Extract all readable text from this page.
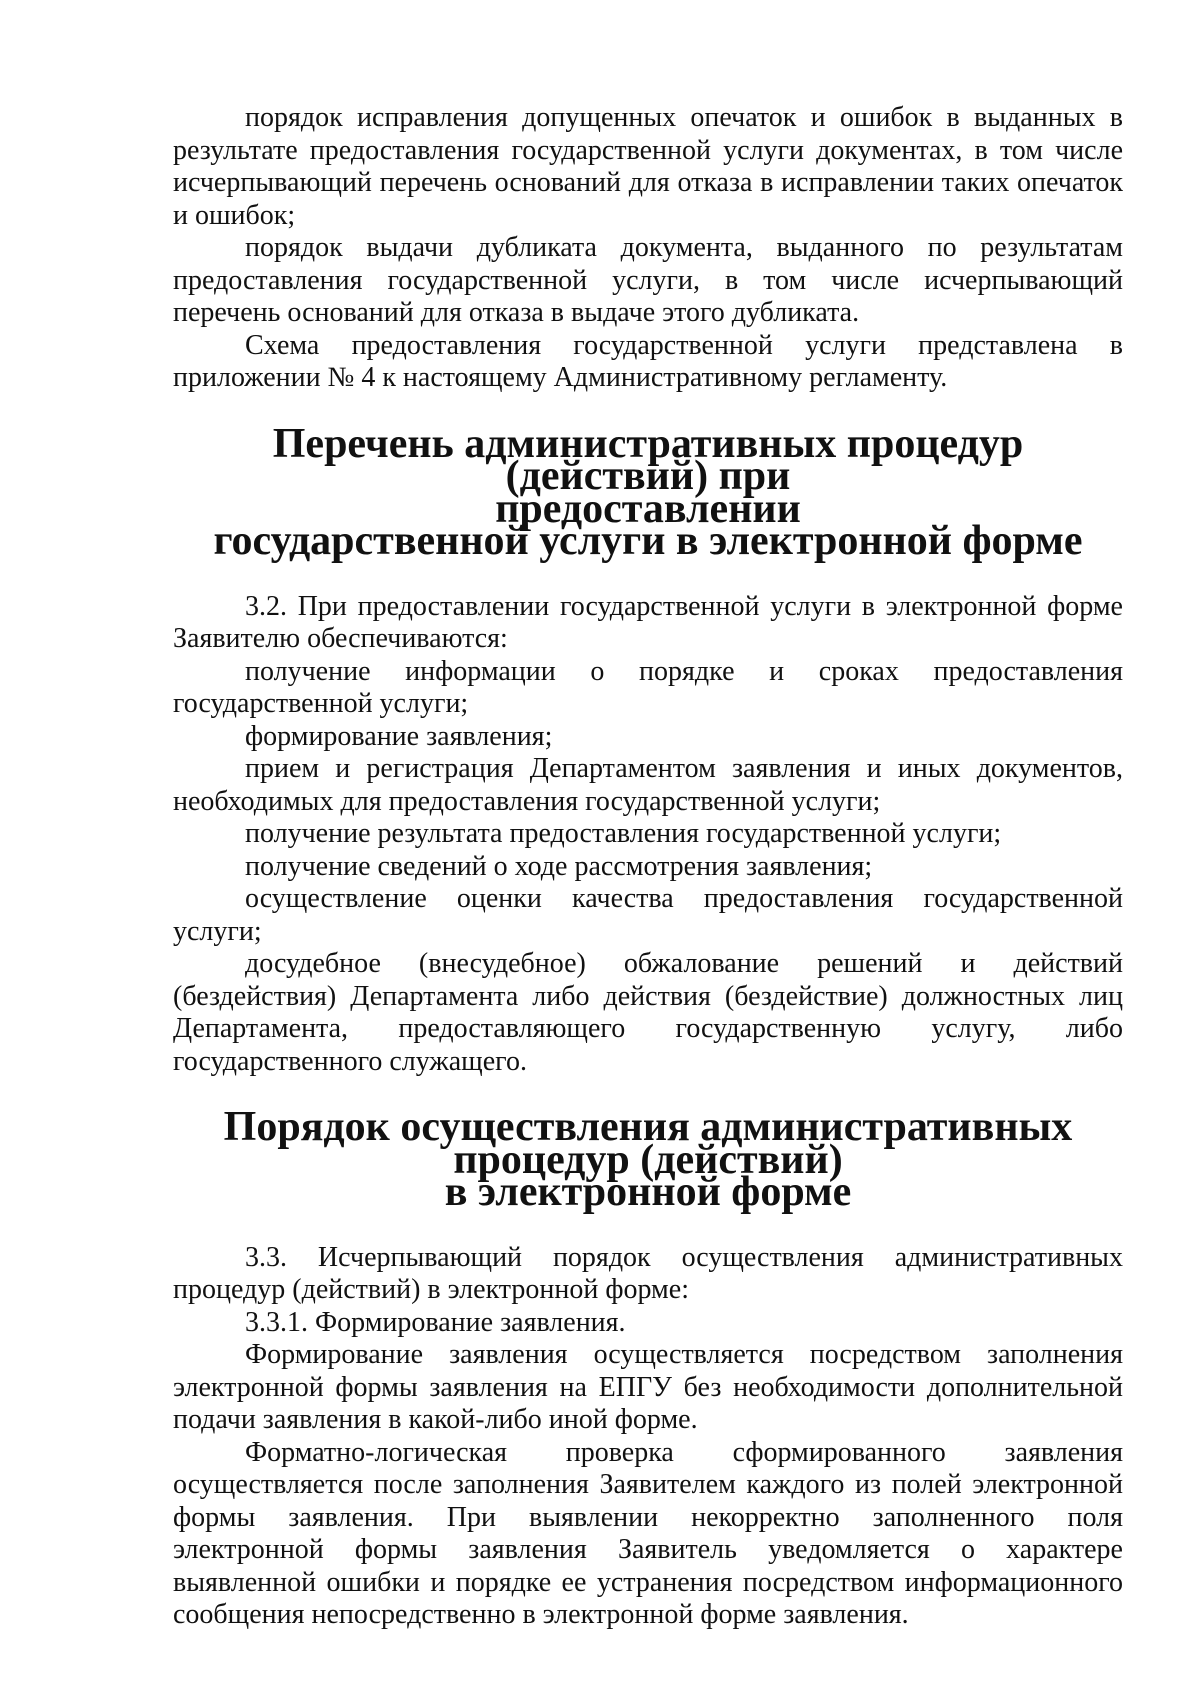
порядок исправления допущенных опечаток и ошибок в выданных в результате предоставления государственной услуги документах, в том числе исчерпывающий перечень оснований для отказа в исправлении таких опечаток и ошибок;

порядок выдачи дубликата документа, выданного по результатам предоставления государственной услуги, в том числе исчерпывающий перечень оснований для отказа в выдаче этого дубликата.

Схема предоставления государственной услуги представлена в приложении № 4 к настоящему Административному регламенту.

Перечень административных процедур (действий) при
предоставлении
государственной услуги в электронной форме

3.2. При предоставлении государственной услуги в электронной форме Заявителю обеспечиваются:

получение информации о порядке и сроках предоставления государственной услуги;

формирование заявления;

прием и регистрация Департаментом заявления и иных документов, необходимых для предоставления государственной услуги;

получение результата предоставления государственной услуги;

получение сведений о ходе рассмотрения заявления;

осуществление оценки качества предоставления государственной услуги;

досудебное (внесудебное) обжалование решений и действий (бездействия) Департамента либо действия (бездействие) должностных лиц Департамента, предоставляющего государственную услугу, либо государственного служащего.

Порядок осуществления административных процедур (действий)
в электронной форме

3.3. Исчерпывающий порядок осуществления административных процедур (действий) в электронной форме:

3.3.1. Формирование заявления.

Формирование заявления осуществляется посредством заполнения электронной формы заявления на ЕПГУ без необходимости дополнительной подачи заявления в какой-либо иной форме.

Форматно-логическая проверка сформированного заявления осуществляется после заполнения Заявителем каждого из полей электронной формы заявления. При выявлении некорректно заполненного поля электронной формы заявления Заявитель уведомляется о характере выявленной ошибки и порядке ее устранения посредством информационного сообщения непосредственно в электронной форме заявления.
